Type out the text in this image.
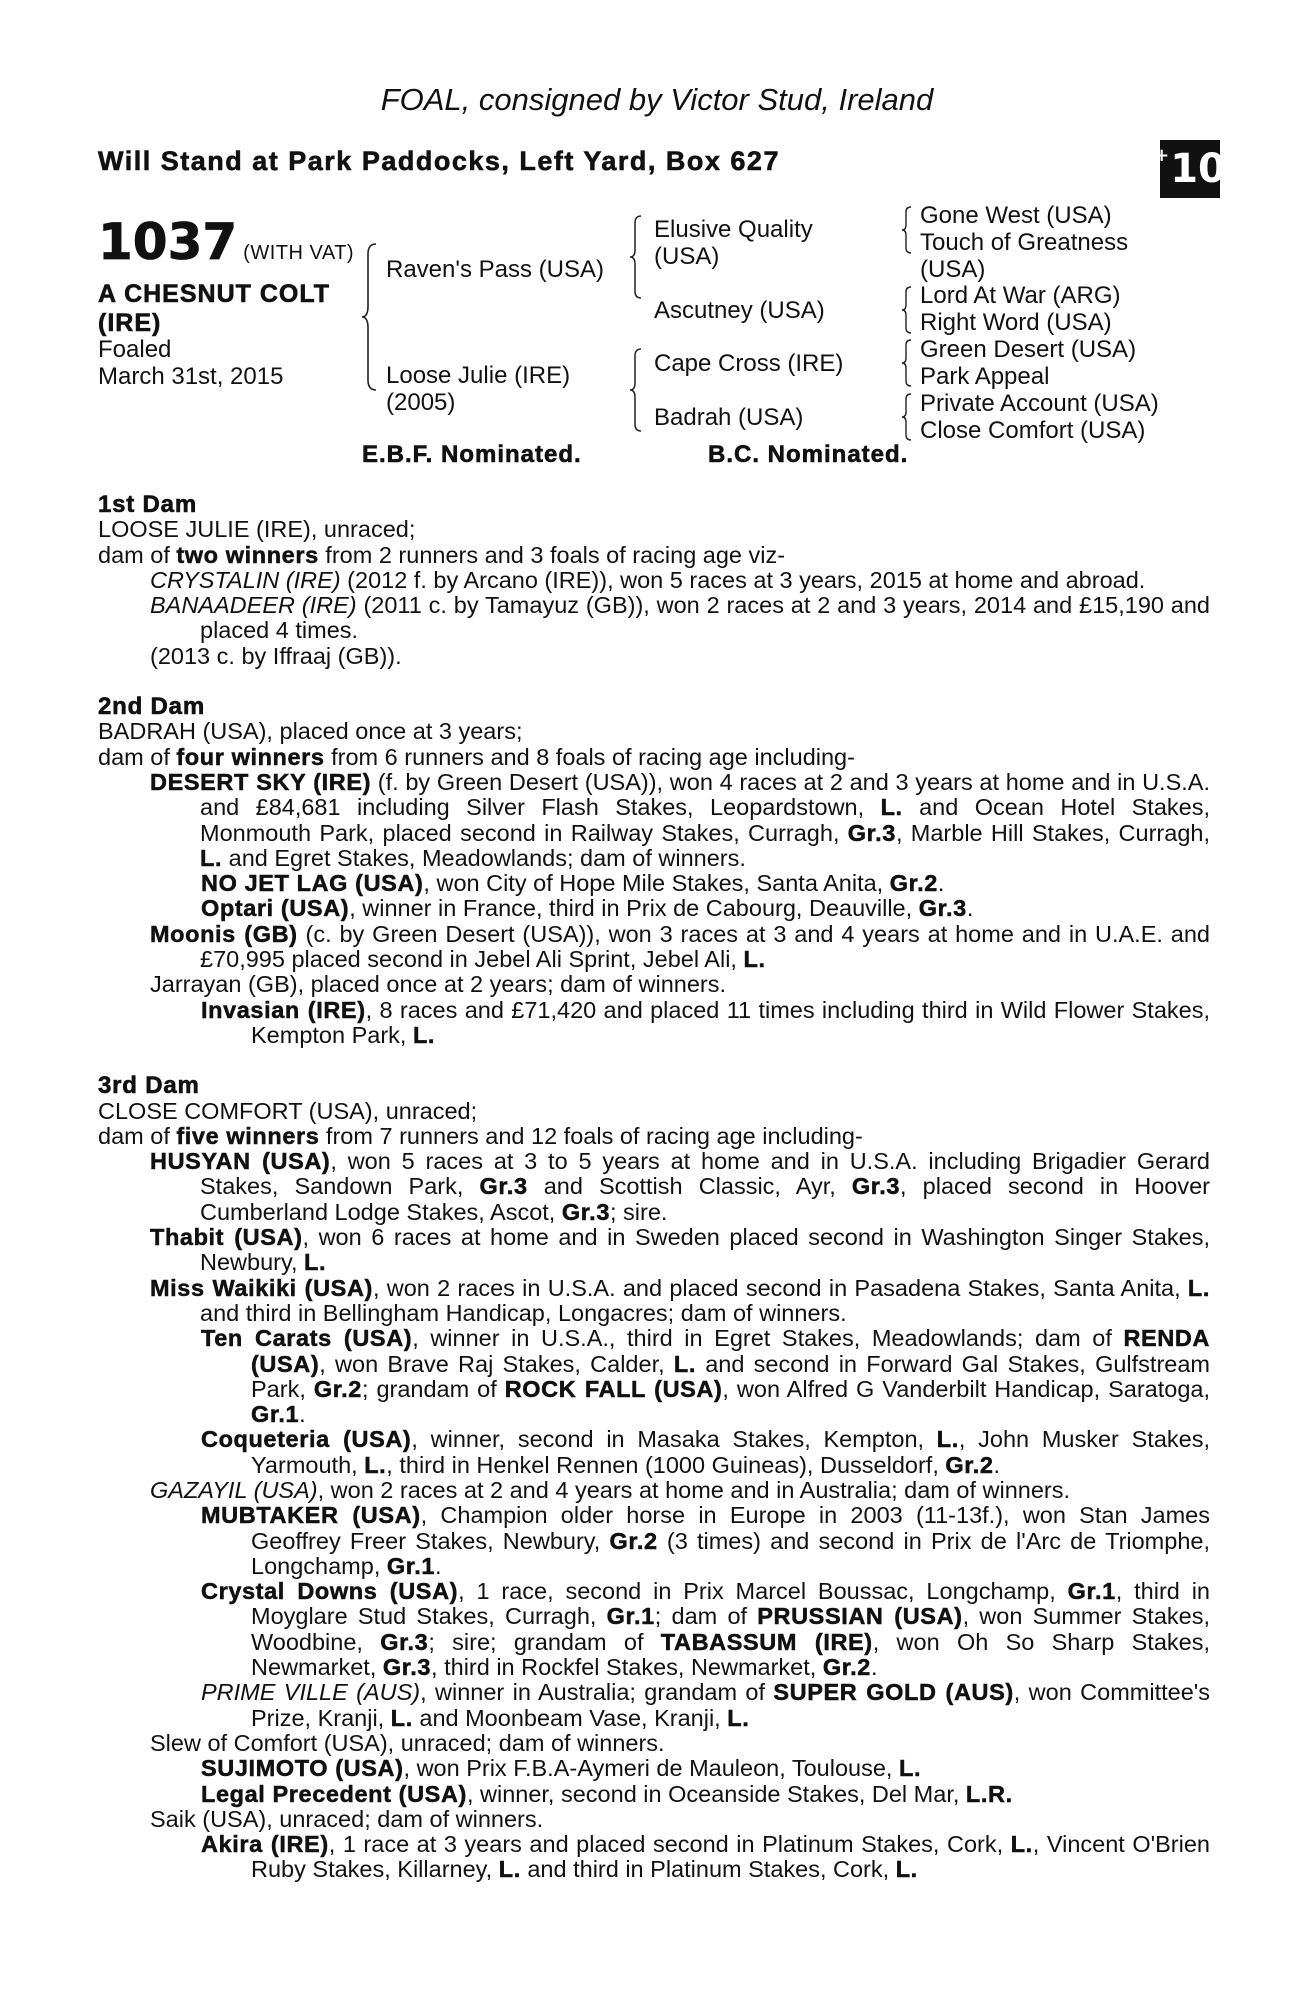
FOAL, consigned by Victor Stud, Ireland
Will Stand at Park Paddocks, Left Yard, Box 627	+ 10
1037 (WITH VAT)
A CHESNUT COLT
(IRE)
Foaled
March 31st, 2015
Raven's Pass (USA)
Loose Julie (IRE)
(2005)
Elusive Quality
(USA)
Ascutney (USA)
Cape Cross (IRE)
Badrah (USA)
Gone West (USA)
Touch of Greatness
(USA)
Lord At War (ARG)
Right Word (USA)
Green Desert (USA)
Park Appeal
Private Account (USA)
Close Comfort (USA)
E.B.F. Nominated.	B.C. Nominated.

1st Dam

LOOSE JULIE (IRE), unraced;

dam of two winners from 2 runners and 3 foals of racing age viz-

CRYSTALIN (IRE) (2012 f. by Arcano (IRE)), won 5 races at 3 years, 2015 at home and abroad.

BANAADEER (IRE) (2011 c. by Tamayuz (GB)), won 2 races at 2 and 3 years, 2014 and £15,190 and placed 4 times.

(2013 c. by Iffraaj (GB)).

2nd Dam

BADRAH (USA), placed once at 3 years;

dam of four winners from 6 runners and 8 foals of racing age including-

DESERT SKY (IRE) (f. by Green Desert (USA)), won 4 races at 2 and 3 years at home and in U.S.A. and £84,681 including Silver Flash Stakes, Leopardstown, L. and Ocean Hotel Stakes, Monmouth Park, placed second in Railway Stakes, Curragh, Gr.3, Marble Hill Stakes, Curragh, L. and Egret Stakes, Meadowlands; dam of winners.

NO JET LAG (USA), won City of Hope Mile Stakes, Santa Anita, Gr.2.

Optari (USA), winner in France, third in Prix de Cabourg, Deauville, Gr.3.

Moonis (GB) (c. by Green Desert (USA)), won 3 races at 3 and 4 years at home and in U.A.E. and £70,995 placed second in Jebel Ali Sprint, Jebel Ali, L.

Jarrayan (GB), placed once at 2 years; dam of winners.

Invasian (IRE), 8 races and £71,420 and placed 11 times including third in Wild Flower Stakes, Kempton Park, L.

3rd Dam

CLOSE COMFORT (USA), unraced;

dam of five winners from 7 runners and 12 foals of racing age including-

HUSYAN (USA), won 5 races at 3 to 5 years at home and in U.S.A. including Brigadier Gerard Stakes, Sandown Park, Gr.3 and Scottish Classic, Ayr, Gr.3, placed second in Hoover Cumberland Lodge Stakes, Ascot, Gr.3; sire.

Thabit (USA), won 6 races at home and in Sweden placed second in Washington Singer Stakes, Newbury, L.

Miss Waikiki (USA), won 2 races in U.S.A. and placed second in Pasadena Stakes, Santa Anita, L. and third in Bellingham Handicap, Longacres; dam of winners.

Ten Carats (USA), winner in U.S.A., third in Egret Stakes, Meadowlands; dam of RENDA (USA), won Brave Raj Stakes, Calder, L. and second in Forward Gal Stakes, Gulfstream Park, Gr.2; grandam of ROCK FALL (USA), won Alfred G Vanderbilt Handicap, Saratoga, Gr.1.

Coqueteria (USA), winner, second in Masaka Stakes, Kempton, L., John Musker Stakes, Yarmouth, L., third in Henkel Rennen (1000 Guineas), Dusseldorf, Gr.2.

GAZAYIL (USA), won 2 races at 2 and 4 years at home and in Australia; dam of winners.

MUBTAKER (USA), Champion older horse in Europe in 2003 (11-13f.), won Stan James Geoffrey Freer Stakes, Newbury, Gr.2 (3 times) and second in Prix de l'Arc de Triomphe, Longchamp, Gr.1.

Crystal Downs (USA), 1 race, second in Prix Marcel Boussac, Longchamp, Gr.1, third in Moyglare Stud Stakes, Curragh, Gr.1; dam of PRUSSIAN (USA), won Summer Stakes, Woodbine, Gr.3; sire; grandam of TABASSUM (IRE), won Oh So Sharp Stakes, Newmarket, Gr.3, third in Rockfel Stakes, Newmarket, Gr.2.

PRIME VILLE (AUS), winner in Australia; grandam of SUPER GOLD (AUS), won Committee's Prize, Kranji, L. and Moonbeam Vase, Kranji, L.

Slew of Comfort (USA), unraced; dam of winners.

SUJIMOTO (USA), won Prix F.B.A-Aymeri de Mauleon, Toulouse, L.

Legal Precedent (USA), winner, second in Oceanside Stakes, Del Mar, L.R.

Saik (USA), unraced; dam of winners.

Akira (IRE), 1 race at 3 years and placed second in Platinum Stakes, Cork, L., Vincent O'Brien Ruby Stakes, Killarney, L. and third in Platinum Stakes, Cork, L.
